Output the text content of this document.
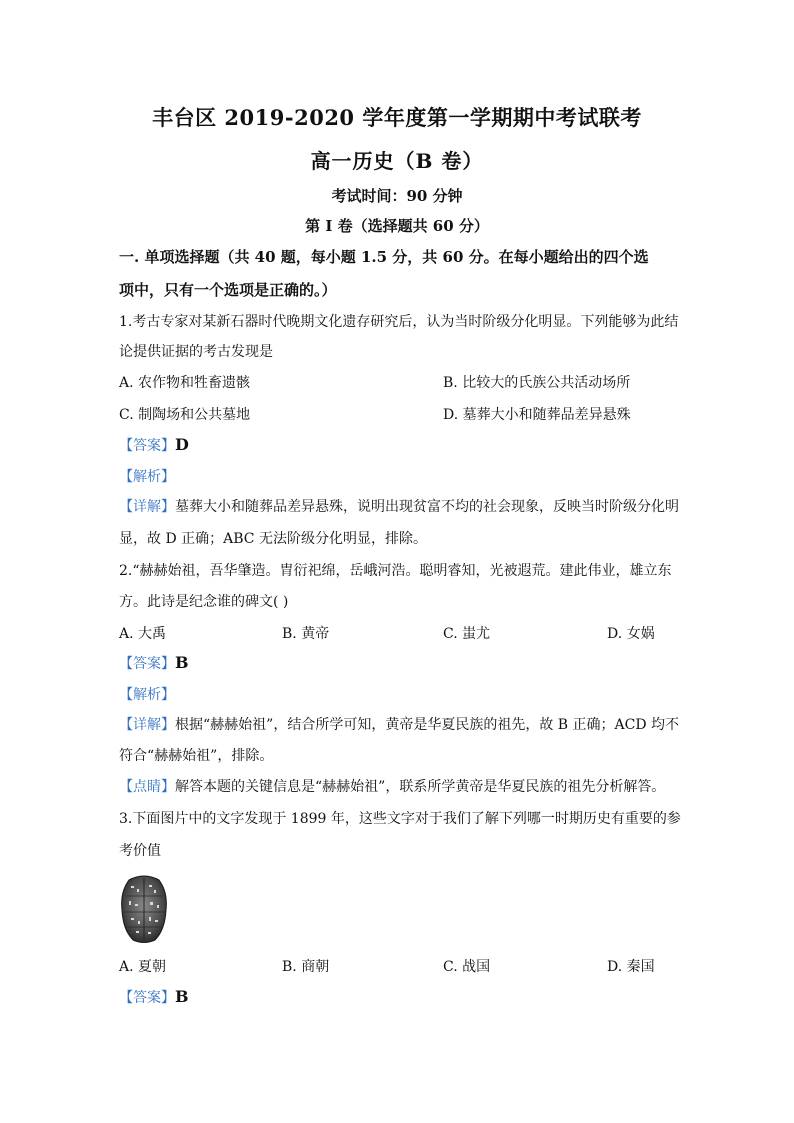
丰台区 2019-2020 学年度第一学期期中考试联考
高一历史（B 卷）
考试时间：90 分钟
第 I 卷（选择题共 60 分）
一. 单项选择题（共 40 题，每小题 1.5 分，共 60 分。在每小题给出的四个选
项中，只有一个选项是正确的。）
1.考古专家对某新石器时代晚期文化遗存研究后，认为当时阶级分化明显。下列能够为此结
论提供证据的考古发现是
A. 农作物和牲畜遗骸	B. 比较大的氏族公共活动场所
C. 制陶场和公共墓地	D. 墓葬大小和随葬品差异悬殊
【答案】D
【解析】
【详解】墓葬大小和随葬品差异悬殊，说明出现贫富不均的社会现象，反映当时阶级分化明
显，故 D 正确；ABC 无法阶级分化明显，排除。
2.“赫赫始祖，吾华肇造。胄衍祀绵，岳峨河浩。聪明睿知，光被遐荒。建此伟业，雄立东
方。此诗是纪念谁的碑文( )
A. 大禹	B. 黄帝	C. 蚩尤	D. 女娲
【答案】B
【解析】
【详解】根据“赫赫始祖”，结合所学可知，黄帝是华夏民族的祖先，故 B 正确；ACD 均不
符合“赫赫始祖”，排除。
【点睛】解答本题的关键信息是“赫赫始祖”，联系所学黄帝是华夏民族的祖先分析解答。
3.下面图片中的文字发现于 1899 年，这些文字对于我们了解下列哪一时期历史有重要的参
考价值
A. 夏朝	B. 商朝	C. 战国	D. 秦国
【答案】B
